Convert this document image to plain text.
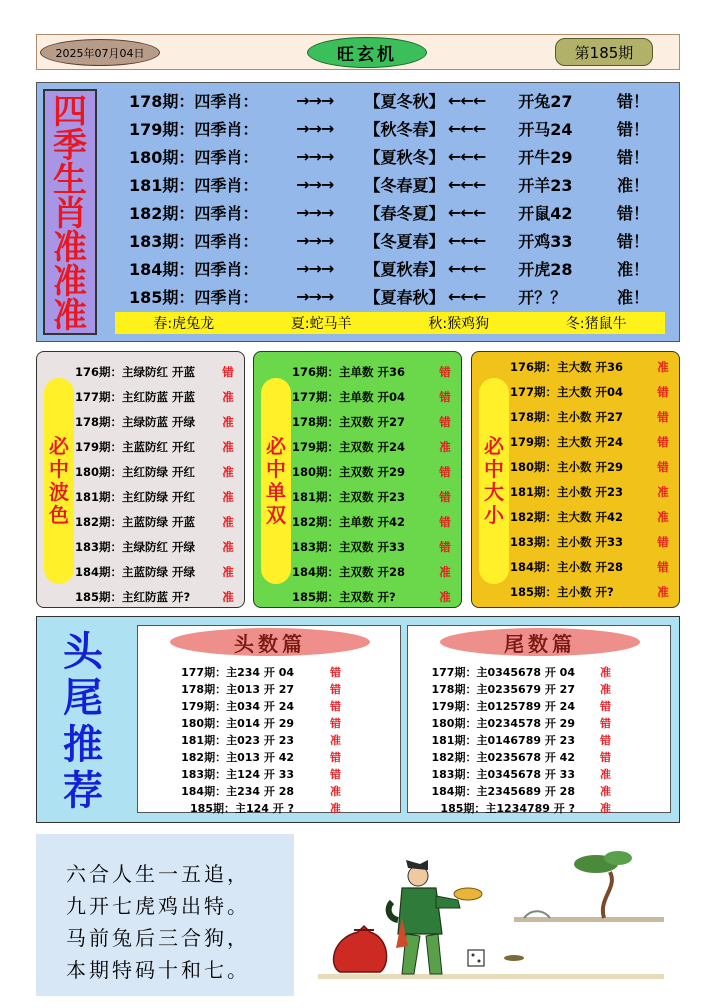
2025年07月04日	旺玄机	第185期
四
季
生
肖
准
准
准
178期：四季肖：	→→→	【夏冬秋】 ←←←	开兔27	错！
179期：四季肖：	→→→	【秋冬春】 ←←←	开马24	错！
180期：四季肖：	→→→	【夏秋冬】 ←←←	开牛29	错！
181期：四季肖：	→→→	【冬春夏】 ←←←	开羊23	准！
182期：四季肖：	→→→	【春冬夏】 ←←←	开鼠42	错！
183期：四季肖：	→→→	【冬夏春】 ←←←	开鸡33	错！
184期：四季肖：	→→→	【夏秋春】 ←←←	开虎28	准！
185期：四季肖：	→→→	【夏春秋】 ←←←	开？？	准！
春:虎兔龙	夏:蛇马羊	秋:猴鸡狗	冬:猪鼠牛
必
中
波
色
176期：主绿防红 开蓝	错
177期：主红防蓝 开蓝	准
178期：主绿防蓝 开绿	准
179期：主蓝防红 开红	准
180期：主红防绿 开红	准
181期：主红防绿 开红	准
182期：主蓝防绿 开蓝	准
183期：主绿防红 开绿	准
184期：主蓝防绿 开绿	准
185期：主红防蓝 开?	准
必
中
单
双
176期：主单数 开36	错
177期：主单数 开04	错
178期：主双数 开27	错
179期：主双数 开24	准
180期：主双数 开29	错
181期：主双数 开23	错
182期：主单数 开42	错
183期：主双数 开33	错
184期：主双数 开28	准
185期：主双数 开?	准
必
中
大
小
176期：主大数 开36	准
177期：主大数 开04	错
178期：主小数 开27	错
179期：主大数 开24	错
180期：主小数 开29	错
181期：主小数 开23	准
182期：主大数 开42	准
183期：主小数 开33	错
184期：主小数 开28	错
185期：主小数 开?	准
头
尾
推
荐
头数篇
177期：主234 开 04	错
178期：主013 开 27	错
179期：主034 开 24	错
180期：主014 开 29	错
181期：主023 开 23	准
182期：主013 开 42	错
183期：主124 开 33	错
184期：主234 开 28	准
185期：主124 开 ?	准
尾数篇
177期：主0345678 开 04	准
178期：主0235679 开 27	准
179期：主0125789 开 24	错
180期：主0234578 开 29	错
181期：主0146789 开 23	错
182期：主0235678 开 42	错
183期：主0345678 开 33	准
184期：主2345689 开 28	准
185期：主1234789 开 ?	准
六合人生一五追，
九开七虎鸡出特。
马前兔后三合狗，
本期特码十和七。
